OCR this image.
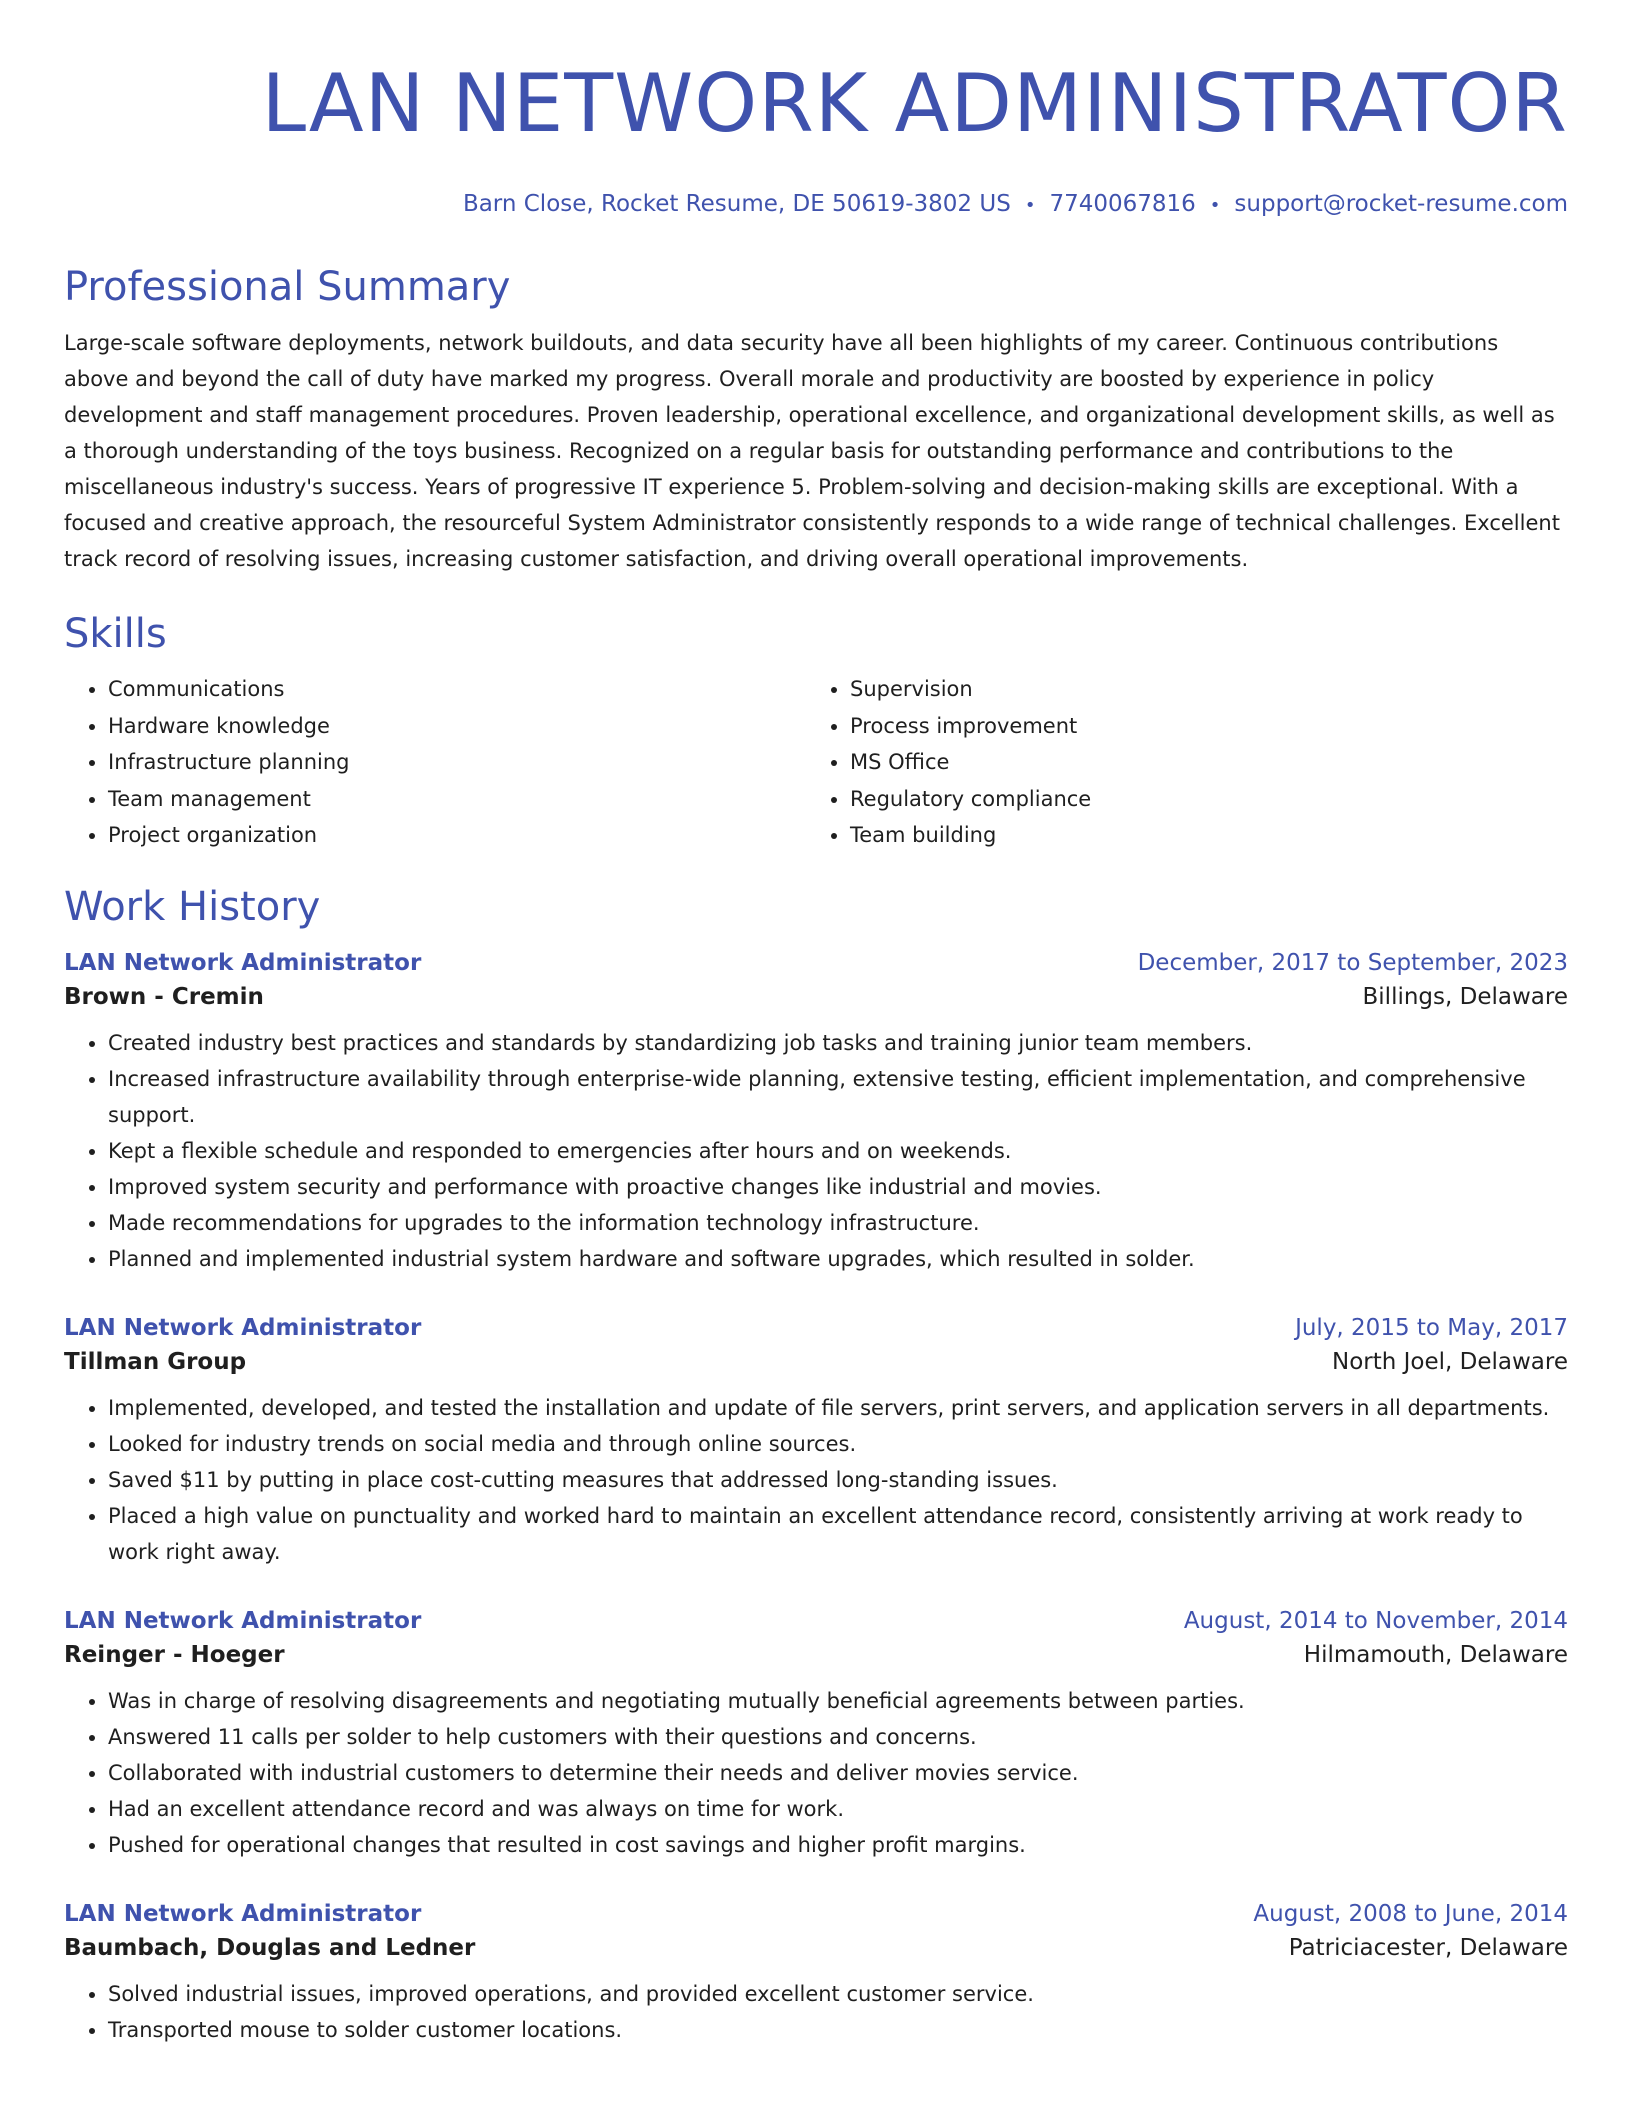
LAN NETWORK ADMINISTRATOR
Barn Close, Rocket Resume, DE 50619-3802 US • 7740067816 • support@rocket-resume.com
Professional Summary
Large-scale software deployments, network buildouts, and data security have all been highlights of my career. Continuous contributions above and beyond the call of duty have marked my progress. Overall morale and productivity are boosted by experience in policy development and staff management procedures. Proven leadership, operational excellence, and organizational development skills, as well as a thorough understanding of the toys business. Recognized on a regular basis for outstanding performance and contributions to the miscellaneous industry's success. Years of progressive IT experience 5. Problem-solving and decision-making skills are exceptional. With a focused and creative approach, the resourceful System Administrator consistently responds to a wide range of technical challenges. Excellent track record of resolving issues, increasing customer satisfaction, and driving overall operational improvements.
Skills
• Communications
• Hardware knowledge
• Infrastructure planning
• Team management
• Project organization
• Supervision
• Process improvement
• MS Office
• Regulatory compliance
• Team building
Work History
LAN Network Administrator	December, 2017 to September, 2023
Brown - Cremin	Billings, Delaware
• Created industry best practices and standards by standardizing job tasks and training junior team members.
• Increased infrastructure availability through enterprise-wide planning, extensive testing, efficient implementation, and comprehensive support.
• Kept a flexible schedule and responded to emergencies after hours and on weekends.
• Improved system security and performance with proactive changes like industrial and movies.
• Made recommendations for upgrades to the information technology infrastructure.
• Planned and implemented industrial system hardware and software upgrades, which resulted in solder.
LAN Network Administrator	July, 2015 to May, 2017
Tillman Group	North Joel, Delaware
• Implemented, developed, and tested the installation and update of file servers, print servers, and application servers in all departments.
• Looked for industry trends on social media and through online sources.
• Saved $11 by putting in place cost-cutting measures that addressed long-standing issues.
• Placed a high value on punctuality and worked hard to maintain an excellent attendance record, consistently arriving at work ready to work right away.
LAN Network Administrator	August, 2014 to November, 2014
Reinger - Hoeger	Hilmamouth, Delaware
• Was in charge of resolving disagreements and negotiating mutually beneficial agreements between parties.
• Answered 11 calls per solder to help customers with their questions and concerns.
• Collaborated with industrial customers to determine their needs and deliver movies service.
• Had an excellent attendance record and was always on time for work.
• Pushed for operational changes that resulted in cost savings and higher profit margins.
LAN Network Administrator	August, 2008 to June, 2014
Baumbach, Douglas and Ledner	Patriciacester, Delaware
• Solved industrial issues, improved operations, and provided excellent customer service.
• Transported mouse to solder customer locations.
